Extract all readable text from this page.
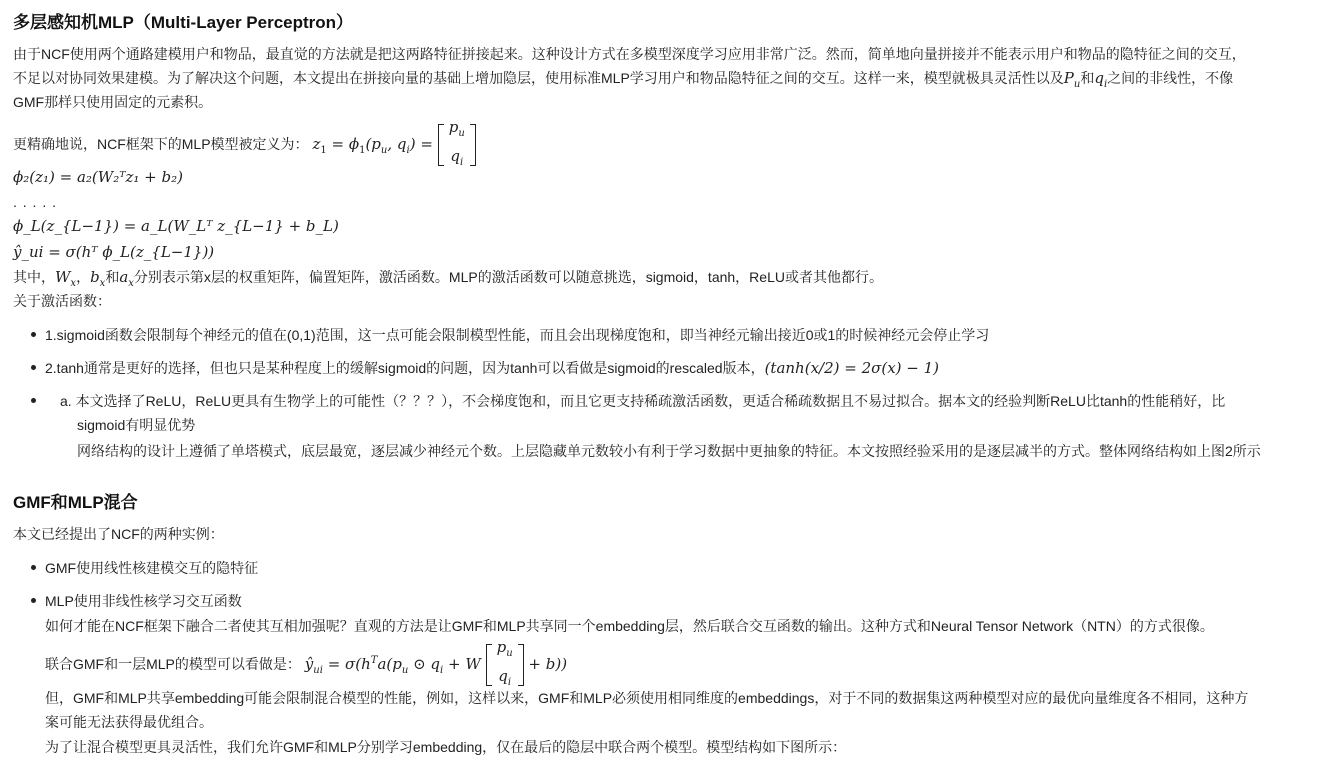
多层感知机MLP（Multi-Layer Perceptron）
由于NCF使用两个通路建模用户和物品，最直觉的方法就是把这两路特征拼接起来。这种设计方式在多模型深度学习应用非常广泛。然而，简单地向量拼接并不能表示用户和物品的隐特征之间的交互，
不足以对协同效果建模。为了解决这个问题，本文提出在拼接向量的基础上增加隐层，使用标准MLP学习用户和物品隐特征之间的交互。这样一来，模型就极具灵活性以及$P_u$和$q_i$之间的非线性，不像
GMF那样只使用固定的元素积。
更精确地说，NCF框架下的MLP模型被定义为： $z_1 = \phi_1(p_u$, $q_i$) =
$p_u$
$q_i$
ϕ₂(z₁) = a₂(W₂ᵀz₁ + b₂)
. . . . .
ϕ_L(z_{L−1}) = a_L(W_Lᵀ z_{L−1} + b_L)
ŷ_ui = σ(hᵀ ϕ_L(z_{L−1}))
其中，$W_x$，$b_x$和$a_x$分别表示第x层的权重矩阵，偏置矩阵，激活函数。MLP的激活函数可以随意挑选，sigmoid，tanh，ReLU或者其他都行。
关于激活函数：
1.sigmoid函数会限制每个神经元的值在(0,1)范围，这一点可能会限制模型性能，而且会出现梯度饱和，即当神经元输出接近0或1的时候神经元会停止学习
2.tanh通常是更好的选择，但也只是某种程度上的缓解sigmoid的问题，因为tanh可以看做是sigmoid的rescaled版本，(tanh(x/2) = 2σ(x) − 1)
a. 本文选择了ReLU，ReLU更具有生物学上的可能性（？？？），不会梯度饱和，而且它更支持稀疏激活函数，更适合稀疏数据且不易过拟合。据本文的经验判断ReLU比tanh的性能稍好，比
sigmoid有明显优势
网络结构的设计上遵循了单塔模式，底层最宽，逐层减少神经元个数。上层隐藏单元数较小有利于学习数据中更抽象的特征。本文按照经验采用的是逐层减半的方式。整体网络结构如上图2所示
GMF和MLP混合
本文已经提出了NCF的两种实例：
GMF使用线性核建模交互的隐特征
MLP使用非线性核学习交互函数
如何才能在NCF框架下融合二者使其互相加强呢？直观的方法是让GMF和MLP共享同一个embedding层，然后联合交互函数的输出。这种方式和Neural Tensor Network（NTN）的方式很像。
联合GMF和一层MLP的模型可以看做是： $ŷ_{ui} = \sigma(h^Ta(p_u$ ⊙ $q_i + W$
$p_u$
$q_i$
+ b))
但，GMF和MLP共享embedding可能会限制混合模型的性能，例如，这样以来，GMF和MLP必须使用相同维度的embeddings，对于不同的数据集这两种模型对应的最优向量维度各不相同，这种方
案可能无法获得最优组合。
为了让混合模型更具灵活性，我们允许GMF和MLP分别学习embedding，仅在最后的隐层中联合两个模型。模型结构如下图所示：
